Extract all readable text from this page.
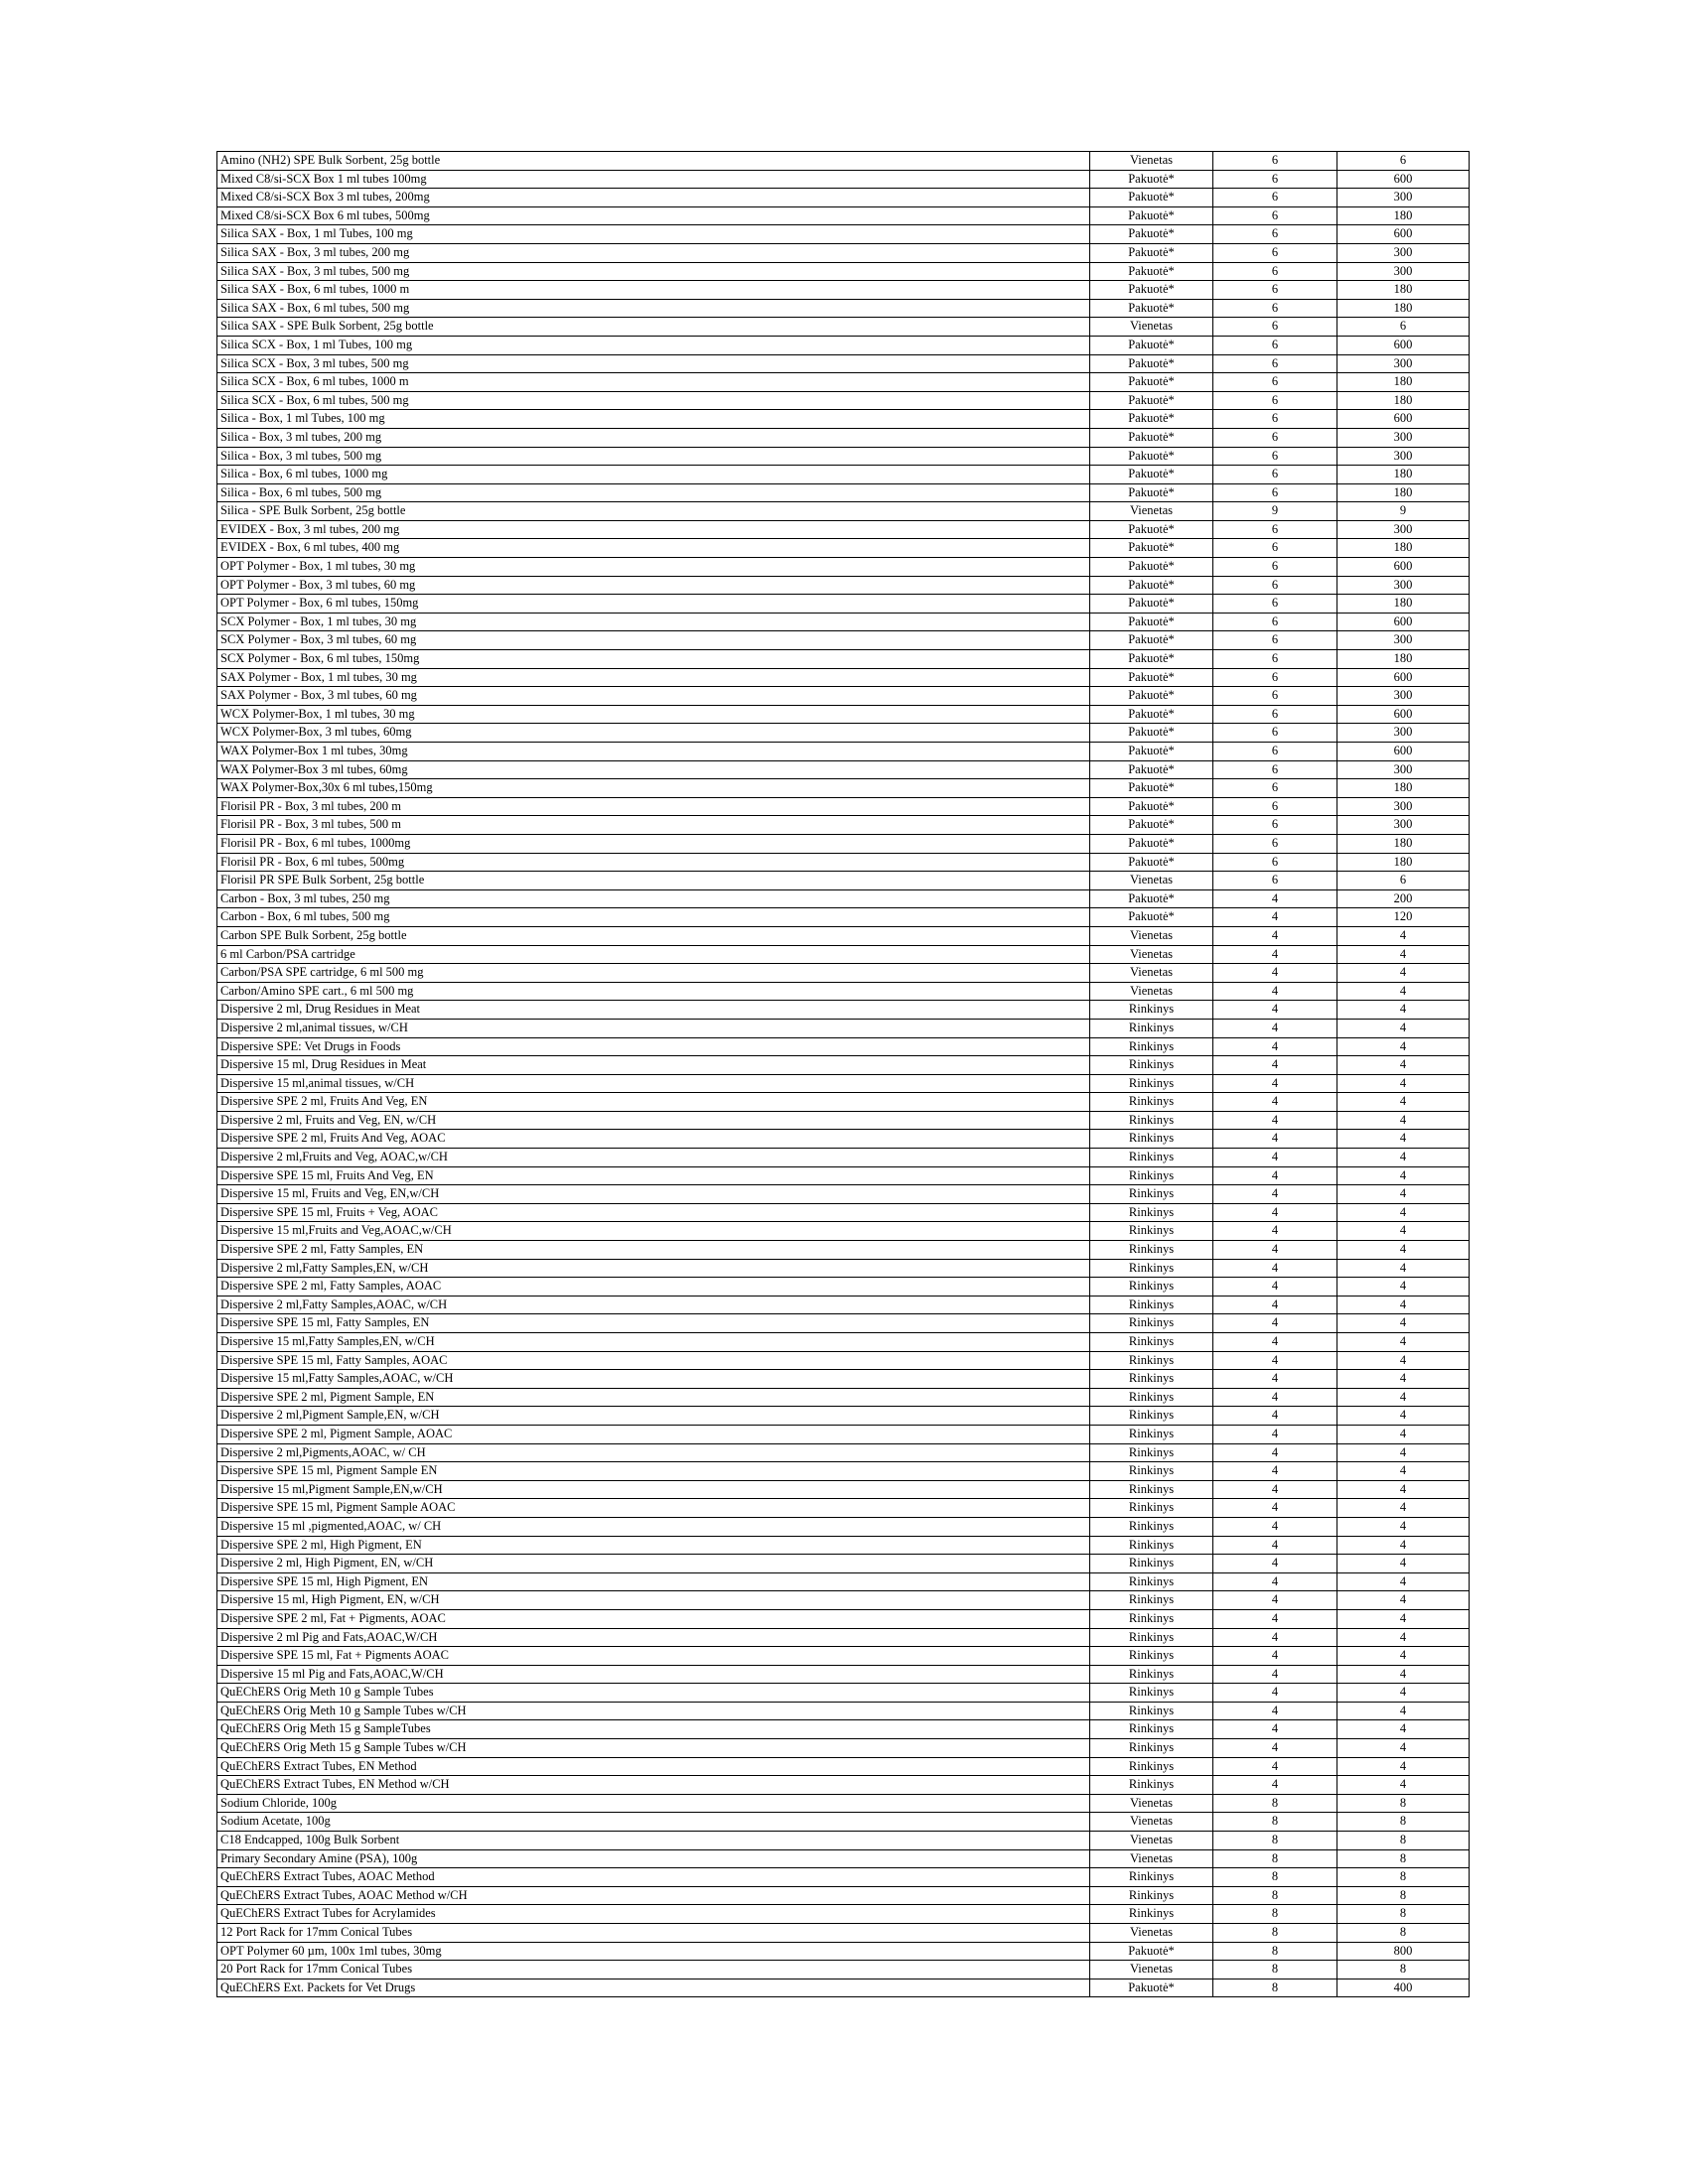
Amino (NH2) SPE Bulk Sorbent, 25g bottle	Vienetas	6	6
Mixed C8/si-SCX Box 1 ml tubes 100mg	Pakuotė*	6	600
Mixed C8/si-SCX Box 3 ml tubes, 200mg	Pakuotė*	6	300
Mixed C8/si-SCX Box 6 ml tubes, 500mg	Pakuotė*	6	180
Silica SAX - Box, 1 ml Tubes, 100 mg	Pakuotė*	6	600
Silica SAX - Box, 3 ml tubes, 200 mg	Pakuotė*	6	300
Silica SAX - Box, 3 ml tubes, 500 mg	Pakuotė*	6	300
Silica SAX - Box, 6 ml tubes, 1000 m	Pakuotė*	6	180
Silica SAX - Box, 6 ml tubes, 500 mg	Pakuotė*	6	180
Silica SAX - SPE Bulk Sorbent, 25g bottle	Vienetas	6	6
Silica SCX - Box, 1 ml Tubes, 100 mg	Pakuotė*	6	600
Silica SCX - Box, 3 ml tubes, 500 mg	Pakuotė*	6	300
Silica SCX - Box, 6 ml tubes, 1000 m	Pakuotė*	6	180
Silica SCX - Box, 6 ml tubes, 500 mg	Pakuotė*	6	180
Silica - Box, 1 ml Tubes, 100 mg	Pakuotė*	6	600
Silica - Box, 3 ml tubes, 200 mg	Pakuotė*	6	300
Silica - Box, 3 ml tubes, 500 mg	Pakuotė*	6	300
Silica - Box, 6 ml tubes, 1000 mg	Pakuotė*	6	180
Silica - Box, 6 ml tubes, 500 mg	Pakuotė*	6	180
Silica - SPE Bulk Sorbent, 25g bottle	Vienetas	9	9
EVIDEX - Box, 3 ml tubes, 200 mg	Pakuotė*	6	300
EVIDEX - Box, 6 ml tubes, 400 mg	Pakuotė*	6	180
OPT Polymer - Box, 1 ml tubes, 30 mg	Pakuotė*	6	600
OPT Polymer - Box, 3 ml tubes, 60 mg	Pakuotė*	6	300
OPT Polymer - Box, 6 ml tubes, 150mg	Pakuotė*	6	180
SCX Polymer - Box, 1 ml tubes, 30 mg	Pakuotė*	6	600
SCX Polymer - Box, 3 ml tubes, 60 mg	Pakuotė*	6	300
SCX Polymer - Box, 6 ml tubes, 150mg	Pakuotė*	6	180
SAX Polymer - Box, 1 ml tubes, 30 mg	Pakuotė*	6	600
SAX Polymer - Box, 3 ml tubes, 60 mg	Pakuotė*	6	300
WCX Polymer-Box, 1 ml tubes, 30 mg	Pakuotė*	6	600
WCX Polymer-Box, 3 ml tubes, 60mg	Pakuotė*	6	300
WAX Polymer-Box 1 ml tubes, 30mg	Pakuotė*	6	600
WAX Polymer-Box 3 ml tubes, 60mg	Pakuotė*	6	300
WAX Polymer-Box,30x 6 ml tubes,150mg	Pakuotė*	6	180
Florisil PR - Box, 3 ml tubes, 200 m	Pakuotė*	6	300
Florisil PR - Box, 3 ml tubes, 500 m	Pakuotė*	6	300
Florisil PR - Box, 6 ml tubes, 1000mg	Pakuotė*	6	180
Florisil PR - Box, 6 ml tubes, 500mg	Pakuotė*	6	180
Florisil PR SPE Bulk Sorbent, 25g bottle	Vienetas	6	6
Carbon - Box, 3 ml tubes, 250 mg	Pakuotė*	4	200
Carbon - Box, 6 ml tubes, 500 mg	Pakuotė*	4	120
Carbon SPE Bulk Sorbent, 25g bottle	Vienetas	4	4
6 ml Carbon/PSA cartridge	Vienetas	4	4
Carbon/PSA SPE cartridge, 6 ml 500 mg	Vienetas	4	4
Carbon/Amino SPE cart., 6 ml 500 mg	Vienetas	4	4
Dispersive 2 ml, Drug Residues in Meat	Rinkinys	4	4
Dispersive 2 ml,animal tissues, w/CH	Rinkinys	4	4
Dispersive SPE: Vet Drugs in Foods	Rinkinys	4	4
Dispersive 15 ml, Drug Residues in Meat	Rinkinys	4	4
Dispersive 15 ml,animal tissues, w/CH	Rinkinys	4	4
Dispersive SPE 2 ml, Fruits And Veg, EN	Rinkinys	4	4
Dispersive 2 ml, Fruits and Veg, EN, w/CH	Rinkinys	4	4
Dispersive SPE 2 ml, Fruits And Veg, AOAC	Rinkinys	4	4
Dispersive 2 ml,Fruits and Veg, AOAC,w/CH	Rinkinys	4	4
Dispersive SPE 15 ml, Fruits And Veg, EN	Rinkinys	4	4
Dispersive 15 ml, Fruits and Veg, EN,w/CH	Rinkinys	4	4
Dispersive SPE 15 ml, Fruits + Veg, AOAC	Rinkinys	4	4
Dispersive 15 ml,Fruits and Veg,AOAC,w/CH	Rinkinys	4	4
Dispersive SPE 2 ml, Fatty Samples, EN	Rinkinys	4	4
Dispersive 2 ml,Fatty Samples,EN, w/CH	Rinkinys	4	4
Dispersive SPE 2 ml, Fatty Samples, AOAC	Rinkinys	4	4
Dispersive 2 ml,Fatty Samples,AOAC, w/CH	Rinkinys	4	4
Dispersive SPE 15 ml, Fatty Samples, EN	Rinkinys	4	4
Dispersive 15 ml,Fatty Samples,EN, w/CH	Rinkinys	4	4
Dispersive SPE 15 ml, Fatty Samples, AOAC	Rinkinys	4	4
Dispersive 15 ml,Fatty Samples,AOAC, w/CH	Rinkinys	4	4
Dispersive SPE 2 ml, Pigment Sample, EN	Rinkinys	4	4
Dispersive 2 ml,Pigment Sample,EN, w/CH	Rinkinys	4	4
Dispersive SPE 2 ml, Pigment Sample, AOAC	Rinkinys	4	4
Dispersive 2 ml,Pigments,AOAC, w/ CH	Rinkinys	4	4
Dispersive SPE 15 ml, Pigment Sample EN	Rinkinys	4	4
Dispersive 15 ml,Pigment Sample,EN,w/CH	Rinkinys	4	4
Dispersive SPE 15 ml, Pigment Sample AOAC	Rinkinys	4	4
Dispersive 15 ml ,pigmented,AOAC, w/ CH	Rinkinys	4	4
Dispersive SPE 2 ml, High Pigment, EN	Rinkinys	4	4
Dispersive 2 ml, High Pigment, EN, w/CH	Rinkinys	4	4
Dispersive SPE 15 ml, High Pigment, EN	Rinkinys	4	4
Dispersive 15 ml, High Pigment, EN, w/CH	Rinkinys	4	4
Dispersive SPE 2 ml, Fat + Pigments, AOAC	Rinkinys	4	4
Dispersive 2 ml Pig and Fats,AOAC,W/CH	Rinkinys	4	4
Dispersive SPE 15 ml, Fat + Pigments AOAC	Rinkinys	4	4
Dispersive 15 ml Pig and Fats,AOAC,W/CH	Rinkinys	4	4
QuEChERS Orig Meth 10 g Sample Tubes	Rinkinys	4	4
QuEChERS Orig Meth 10 g Sample Tubes w/CH	Rinkinys	4	4
QuEChERS Orig Meth 15 g SampleTubes	Rinkinys	4	4
QuEChERS Orig Meth 15 g Sample Tubes w/CH	Rinkinys	4	4
QuEChERS Extract Tubes, EN Method	Rinkinys	4	4
QuEChERS Extract Tubes, EN Method w/CH	Rinkinys	4	4
Sodium Chloride, 100g	Vienetas	8	8
Sodium Acetate, 100g	Vienetas	8	8
C18 Endcapped, 100g Bulk Sorbent	Vienetas	8	8
Primary Secondary Amine (PSA), 100g	Vienetas	8	8
QuEChERS Extract Tubes, AOAC Method	Rinkinys	8	8
QuEChERS Extract Tubes, AOAC Method w/CH	Rinkinys	8	8
QuEChERS Extract Tubes for Acrylamides	Rinkinys	8	8
12 Port Rack for 17mm Conical Tubes	Vienetas	8	8
OPT Polymer 60 µm, 100x 1ml tubes, 30mg	Pakuotė*	8	800
20 Port Rack for 17mm Conical Tubes	Vienetas	8	8
QuEChERS Ext. Packets for Vet Drugs	Pakuotė*	8	400
